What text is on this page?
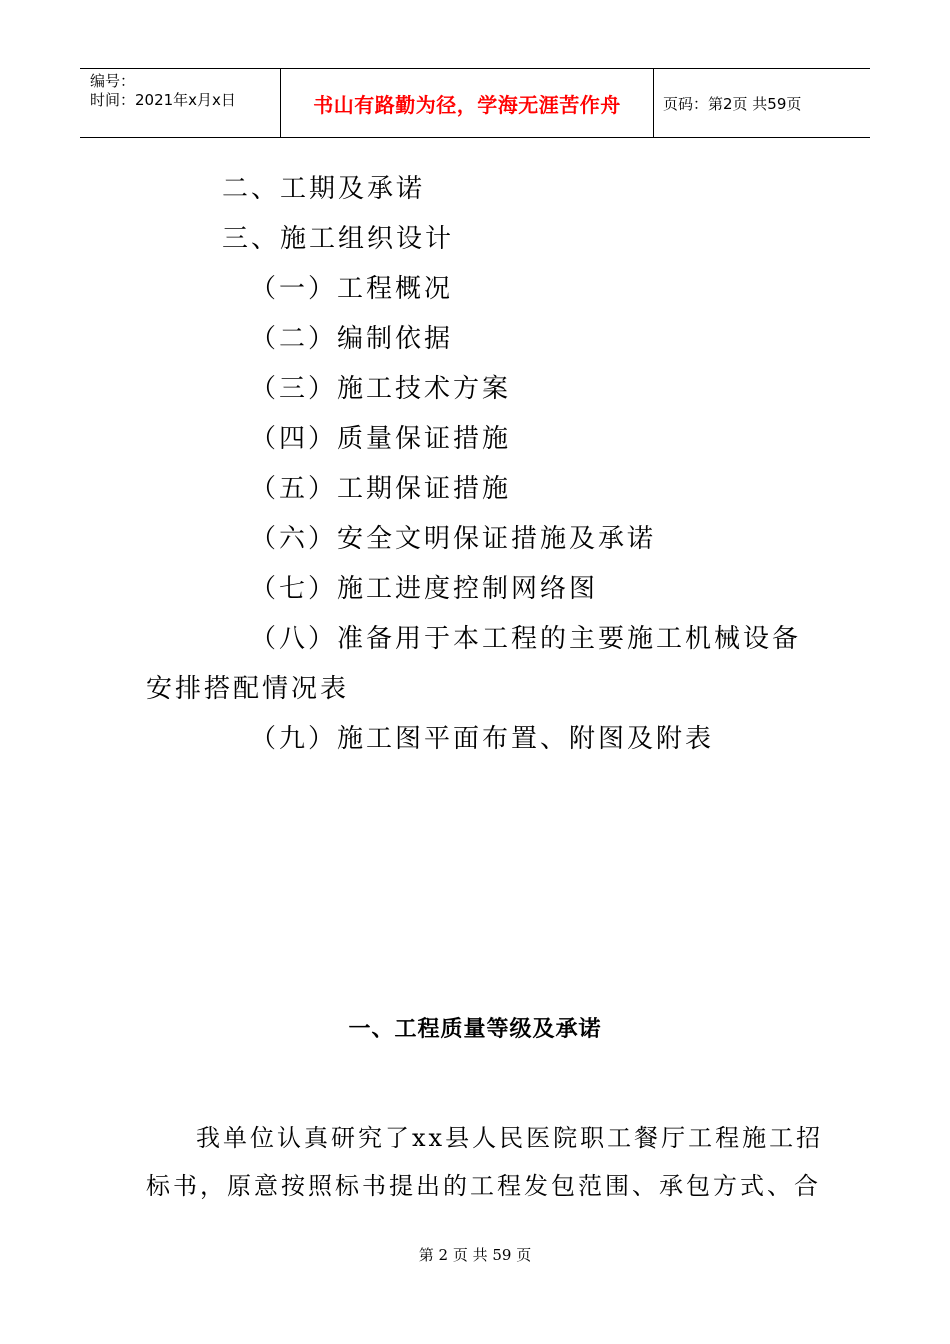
编号：
时间：2021年x月x日	书山有路勤为径，学海无涯苦作舟	页码：第2页 共59页
二、工期及承诺
三、施工组织设计
（一）工程概况
（二）编制依据
（三）施工技术方案
（四）质量保证措施
（五）工期保证措施
（六）安全文明保证措施及承诺
（七）施工进度控制网络图
（八）准备用于本工程的主要施工机械设备
安排搭配情况表
（九）施工图平面布置、附图及附表
一、工程质量等级及承诺
我单位认真研究了xx县人民医院职工餐厅工程施工招
标书，原意按照标书提出的工程发包范围、承包方式、合
第 2 页 共 59 页
